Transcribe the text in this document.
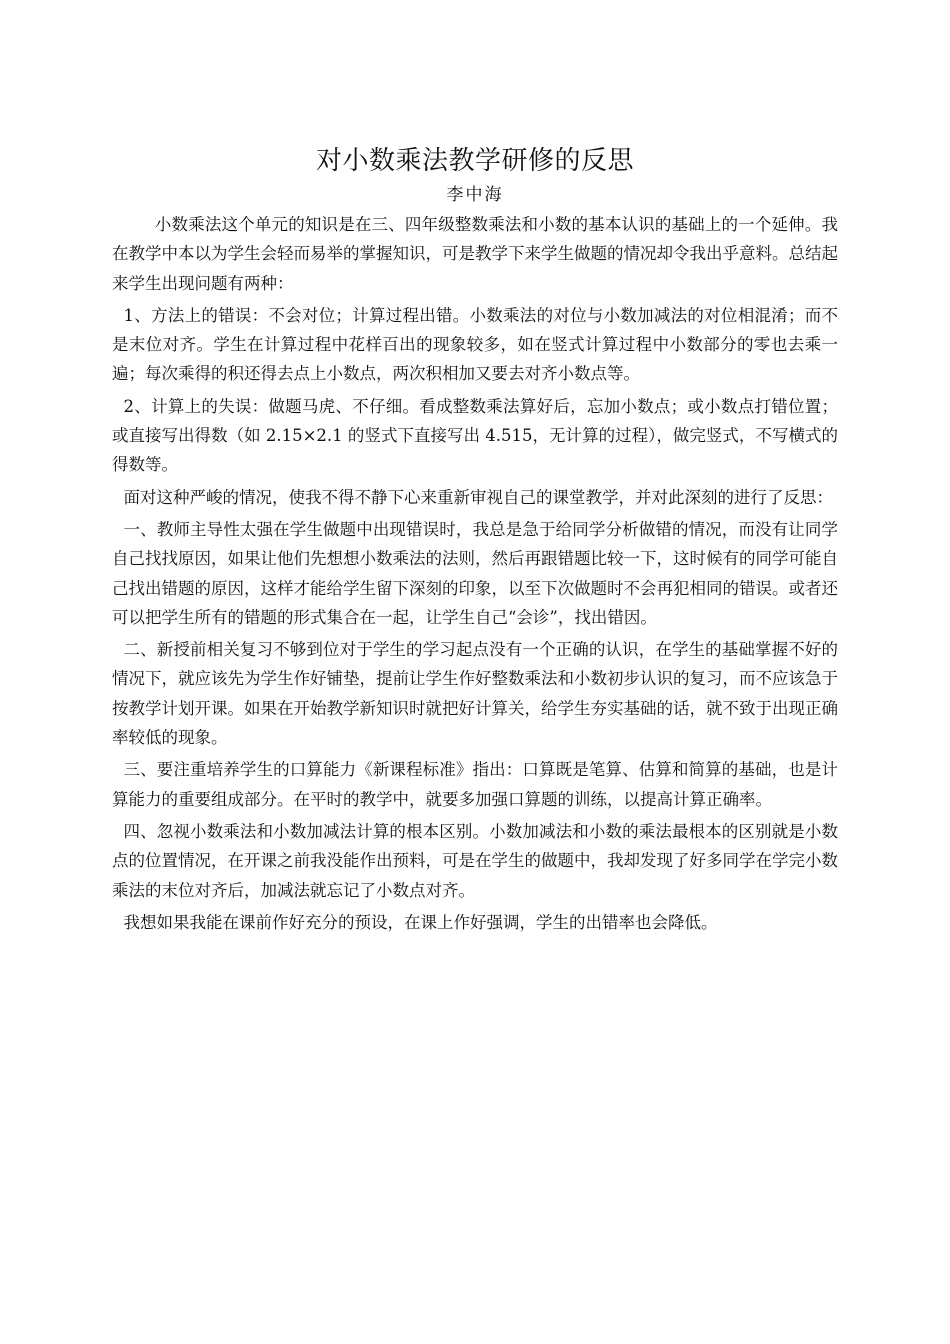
对小数乘法教学研修的反思
李中海

小数乘法这个单元的知识是在三、四年级整数乘法和小数的基本认识的基础上的一个延伸。我在教学中本以为学生会轻而易举的掌握知识，可是教学下来学生做题的情况却令我出乎意料。总结起来学生出现问题有两种：

1、方法上的错误：不会对位；计算过程出错。小数乘法的对位与小数加减法的对位相混淆；而不是末位对齐。学生在计算过程中花样百出的现象较多，如在竖式计算过程中小数部分的零也去乘一遍；每次乘得的积还得去点上小数点，两次积相加又要去对齐小数点等。

2、计算上的失误：做题马虎、不仔细。看成整数乘法算好后，忘加小数点；或小数点打错位置；或直接写出得数（如 2.15×2.1 的竖式下直接写出 4.515，无计算的过程），做完竖式，不写横式的得数等。

面对这种严峻的情况，使我不得不静下心来重新审视自己的课堂教学，并对此深刻的进行了反思：

一、教师主导性太强在学生做题中出现错误时，我总是急于给同学分析做错的情况，而没有让同学自己找找原因，如果让他们先想想小数乘法的法则，然后再跟错题比较一下，这时候有的同学可能自己找出错题的原因，这样才能给学生留下深刻的印象，以至下次做题时不会再犯相同的错误。或者还可以把学生所有的错题的形式集合在一起，让学生自己“会诊”，找出错因。

二、新授前相关复习不够到位对于学生的学习起点没有一个正确的认识，在学生的基础掌握不好的情况下，就应该先为学生作好铺垫，提前让学生作好整数乘法和小数初步认识的复习，而不应该急于按教学计划开课。如果在开始教学新知识时就把好计算关，给学生夯实基础的话，就不致于出现正确率较低的现象。

三、要注重培养学生的口算能力《新课程标准》指出：口算既是笔算、估算和简算的基础，也是计算能力的重要组成部分。在平时的教学中，就要多加强口算题的训练，以提高计算正确率。

四、忽视小数乘法和小数加减法计算的根本区别。小数加减法和小数的乘法最根本的区别就是小数点的位置情况，在开课之前我没能作出预料，可是在学生的做题中，我却发现了好多同学在学完小数乘法的末位对齐后，加减法就忘记了小数点对齐。

我想如果我能在课前作好充分的预设，在课上作好强调，学生的出错率也会降低。
